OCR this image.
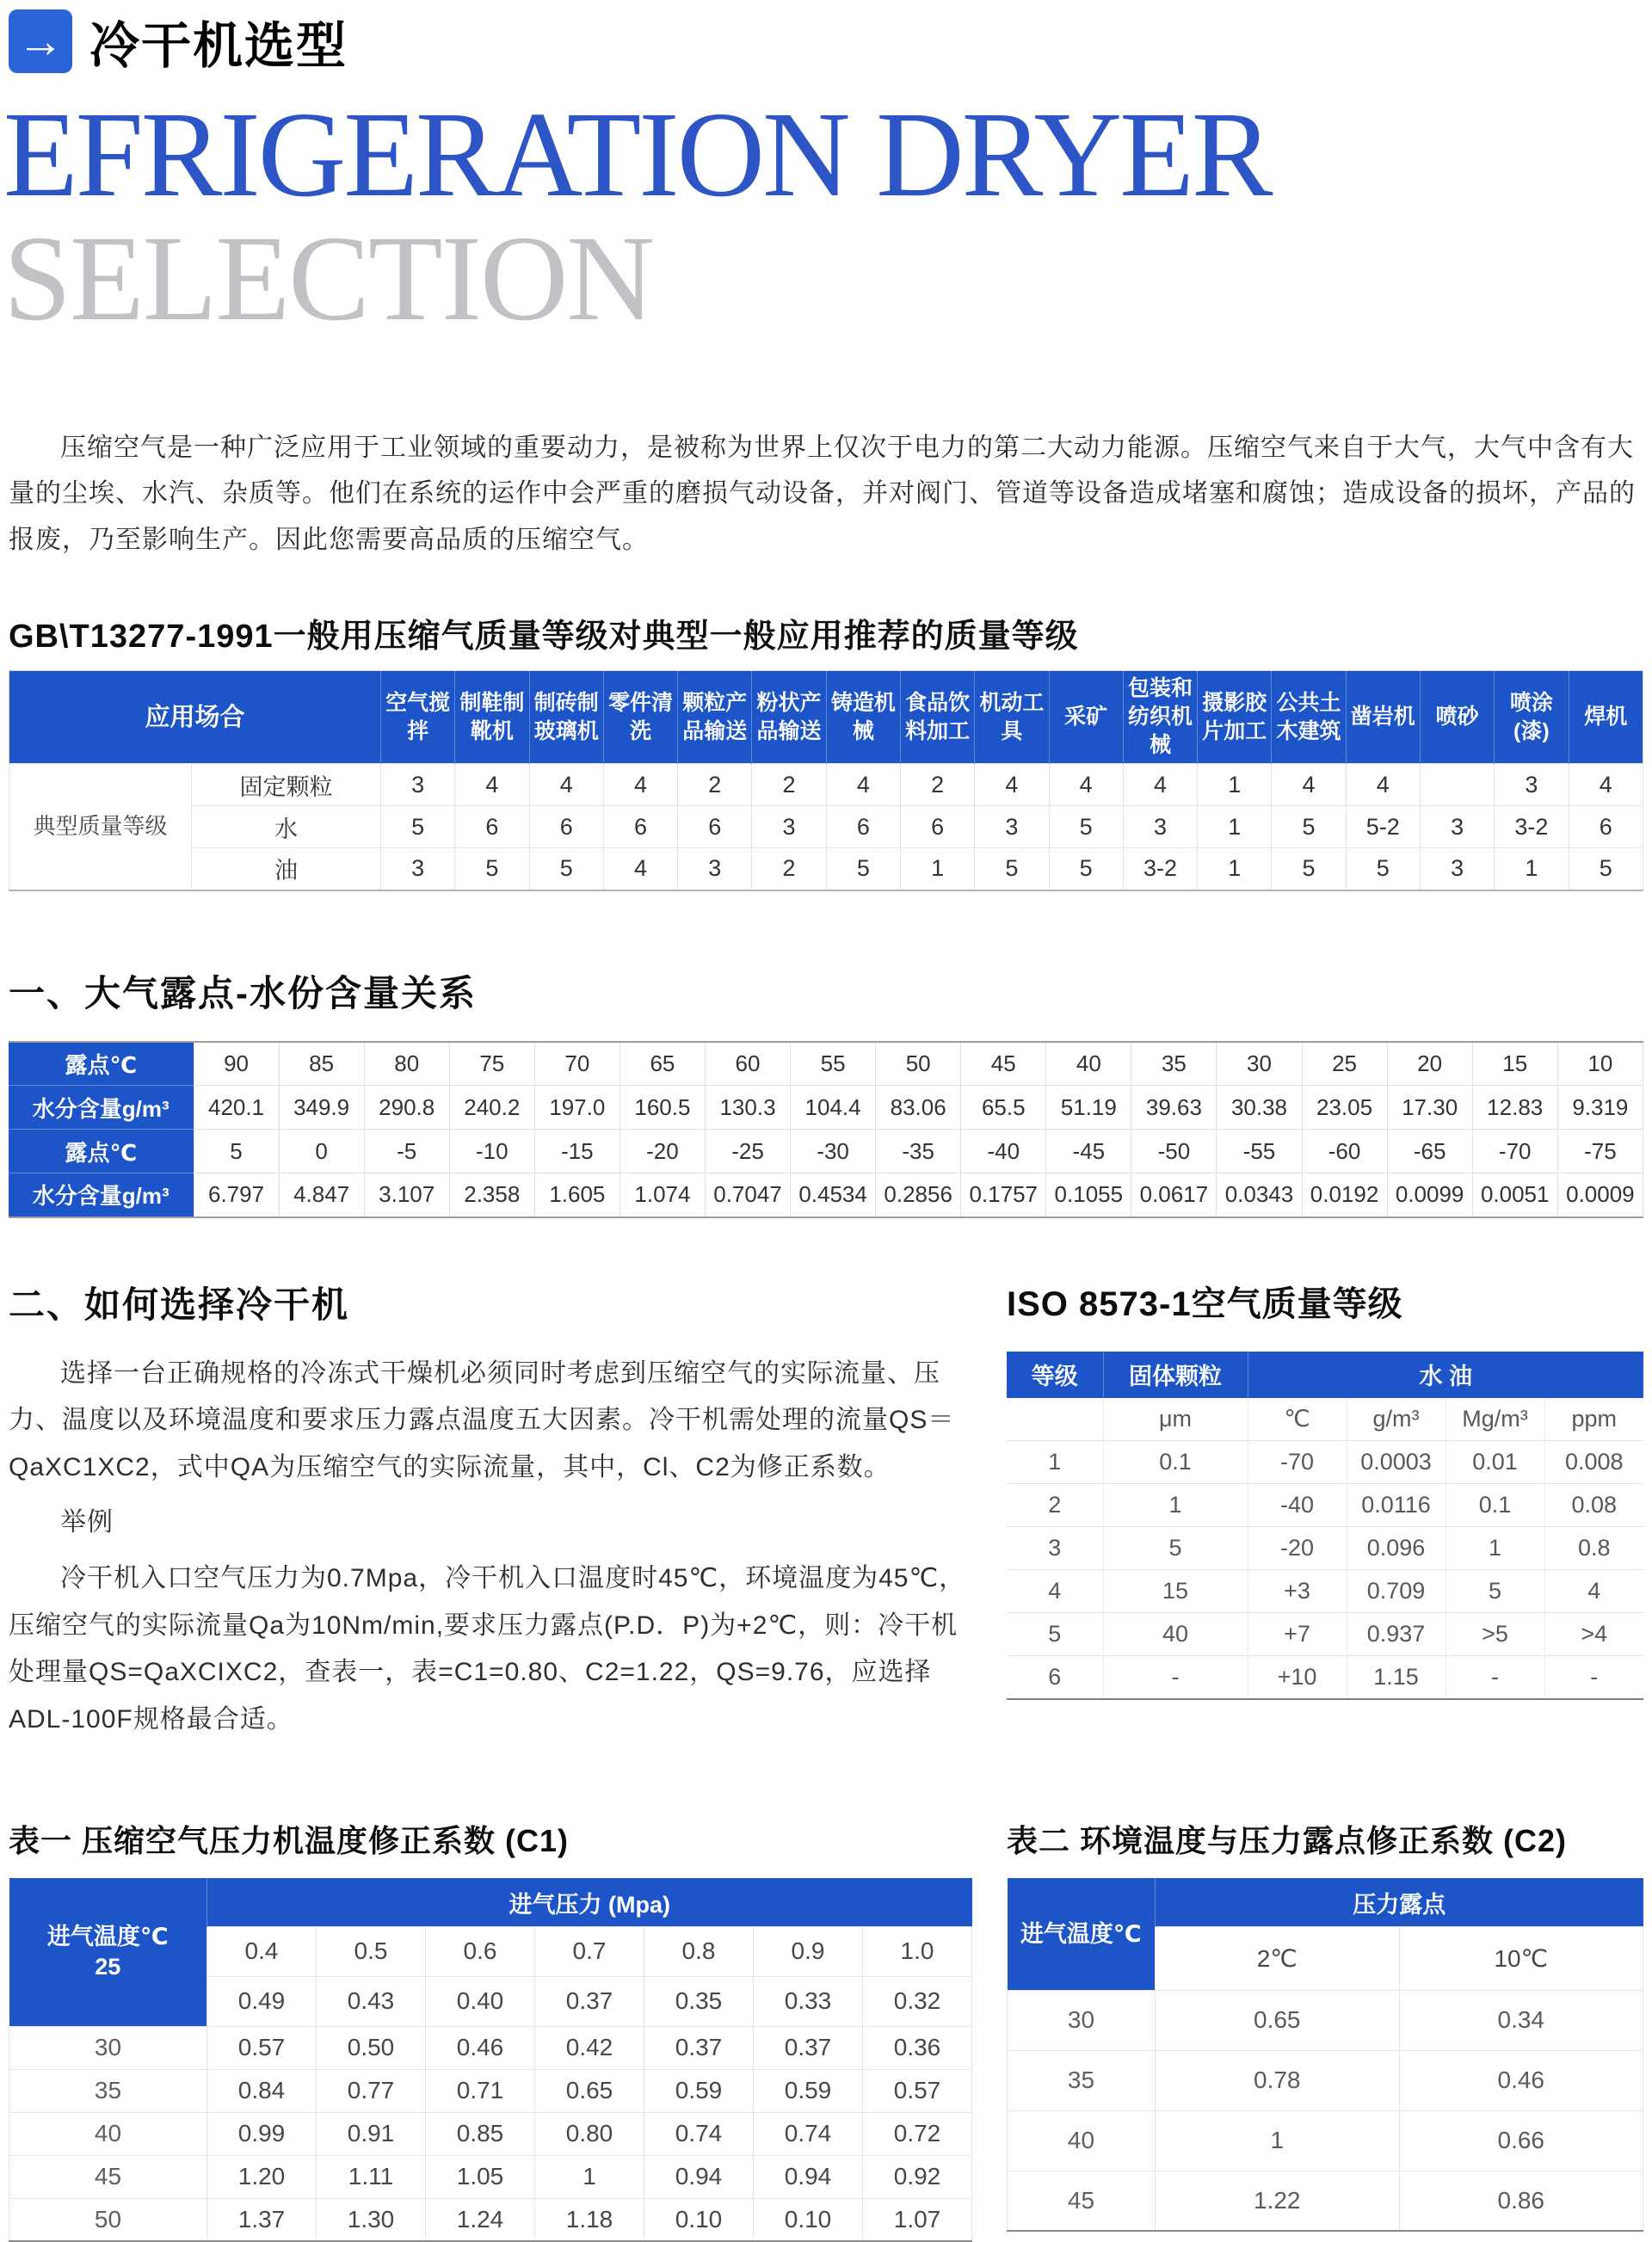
→ 冷干机选型
EFRIGERATION DRYER
SELECTION
压缩空气是一种广泛应用于工业领域的重要动力，是被称为世界上仅次于电力的第二大动力能源。压缩空气来自于大气，大气中含有大量的尘埃、水汽、杂质等。他们在系统的运作中会严重的磨损气动设备，并对阀门、管道等设备造成堵塞和腐蚀；造成设备的损坏，产品的报废，乃至影响生产。因此您需要高品质的压缩空气。
GB\T13277-1991一般用压缩气质量等级对典型一般应用推荐的质量等级
应用场合		空气搅拌	制鞋制靴机	制砖制玻璃机	零件清洗	颗粒产品输送	粉状产品输送	铸造机械	食品饮料加工	机动工具	采矿	包装和纺织机械	摄影胶片加工	公共土木建筑	凿岩机	喷砂	喷涂(漆)	焊机
典型质量等级	固定颗粒	3	4	4	4	2	2	4	2	4	4	4	1	4	4		3	4
	水	5	6	6	6	6	3	6	6	3	5	3	1	5	5-2	3	3-2	6
	油	3	5	5	4	3	2	5	1	5	5	3-2	1	5	5	3	1	5
一、大气露点-水份含量关系
露点℃	90	85	80	75	70	65	60	55	50	45	40	35	30	25	20	15	10
水分含量g/m³	420.1	349.9	290.8	240.2	197.0	160.5	130.3	104.4	83.06	65.5	51.19	39.63	30.38	23.05	17.30	12.83	9.319
露点℃	5	0	-5	-10	-15	-20	-25	-30	-35	-40	-45	-50	-55	-60	-65	-70	-75
水分含量g/m³	6.797	4.847	3.107	2.358	1.605	1.074	0.7047	0.4534	0.2856	0.1757	0.1055	0.0617	0.0343	0.0192	0.0099	0.0051	0.0009
二、如何选择冷干机

选择一台正确规格的冷冻式干燥机必须同时考虑到压缩空气的实际流量、压力、温度以及环境温度和要求压力露点温度五大因素。冷干机需处理的流量QS＝QaXC1XC2，式中QA为压缩空气的实际流量，其中，Cl、C2为修正系数。

举例

冷干机入口空气压力为0.7Mpa，冷干机入口温度时45℃，环境温度为45℃，压缩空气的实际流量Qa为10Nm/min,要求压力露点(P.D．P)为+2℃，则：冷干机处理量QS=QaXCIXC2，查表一，表=C1=0.80、C2=1.22，QS=9.76，应选择ADL-100F规格最合适。

ISO 8573-1空气质量等级
等级	固体颗粒	水 油			
	μm	℃	g/m³	Mg/m³	ppm
1	0.1	-70	0.0003	0.01	0.008
2	1	-40	0.0116	0.1	0.08
3	5	-20	0.096	1	0.8
4	15	+3	0.709	5	4
5	40	+7	0.937	>5	>4
6	-	+10	1.15	-	-
表一 压缩空气压力机温度修正系数 (C1)
进气温度℃
25	进气压力 (Mpa)						
	0.4	0.5	0.6	0.7	0.8	0.9	1.0
	0.49	0.43	0.40	0.37	0.35	0.33	0.32
30	0.57	0.50	0.46	0.42	0.37	0.37	0.36
35	0.84	0.77	0.71	0.65	0.59	0.59	0.57
40	0.99	0.91	0.85	0.80	0.74	0.74	0.72
45	1.20	1.11	1.05	1	0.94	0.94	0.92
50	1.37	1.30	1.24	1.18	0.10	0.10	1.07
表二 环境温度与压力露点修正系数 (C2)
进气温度℃	压力露点	
	2℃	10℃
30	0.65	0.34
35	0.78	0.46
40	1	0.66
45	1.22	0.86
